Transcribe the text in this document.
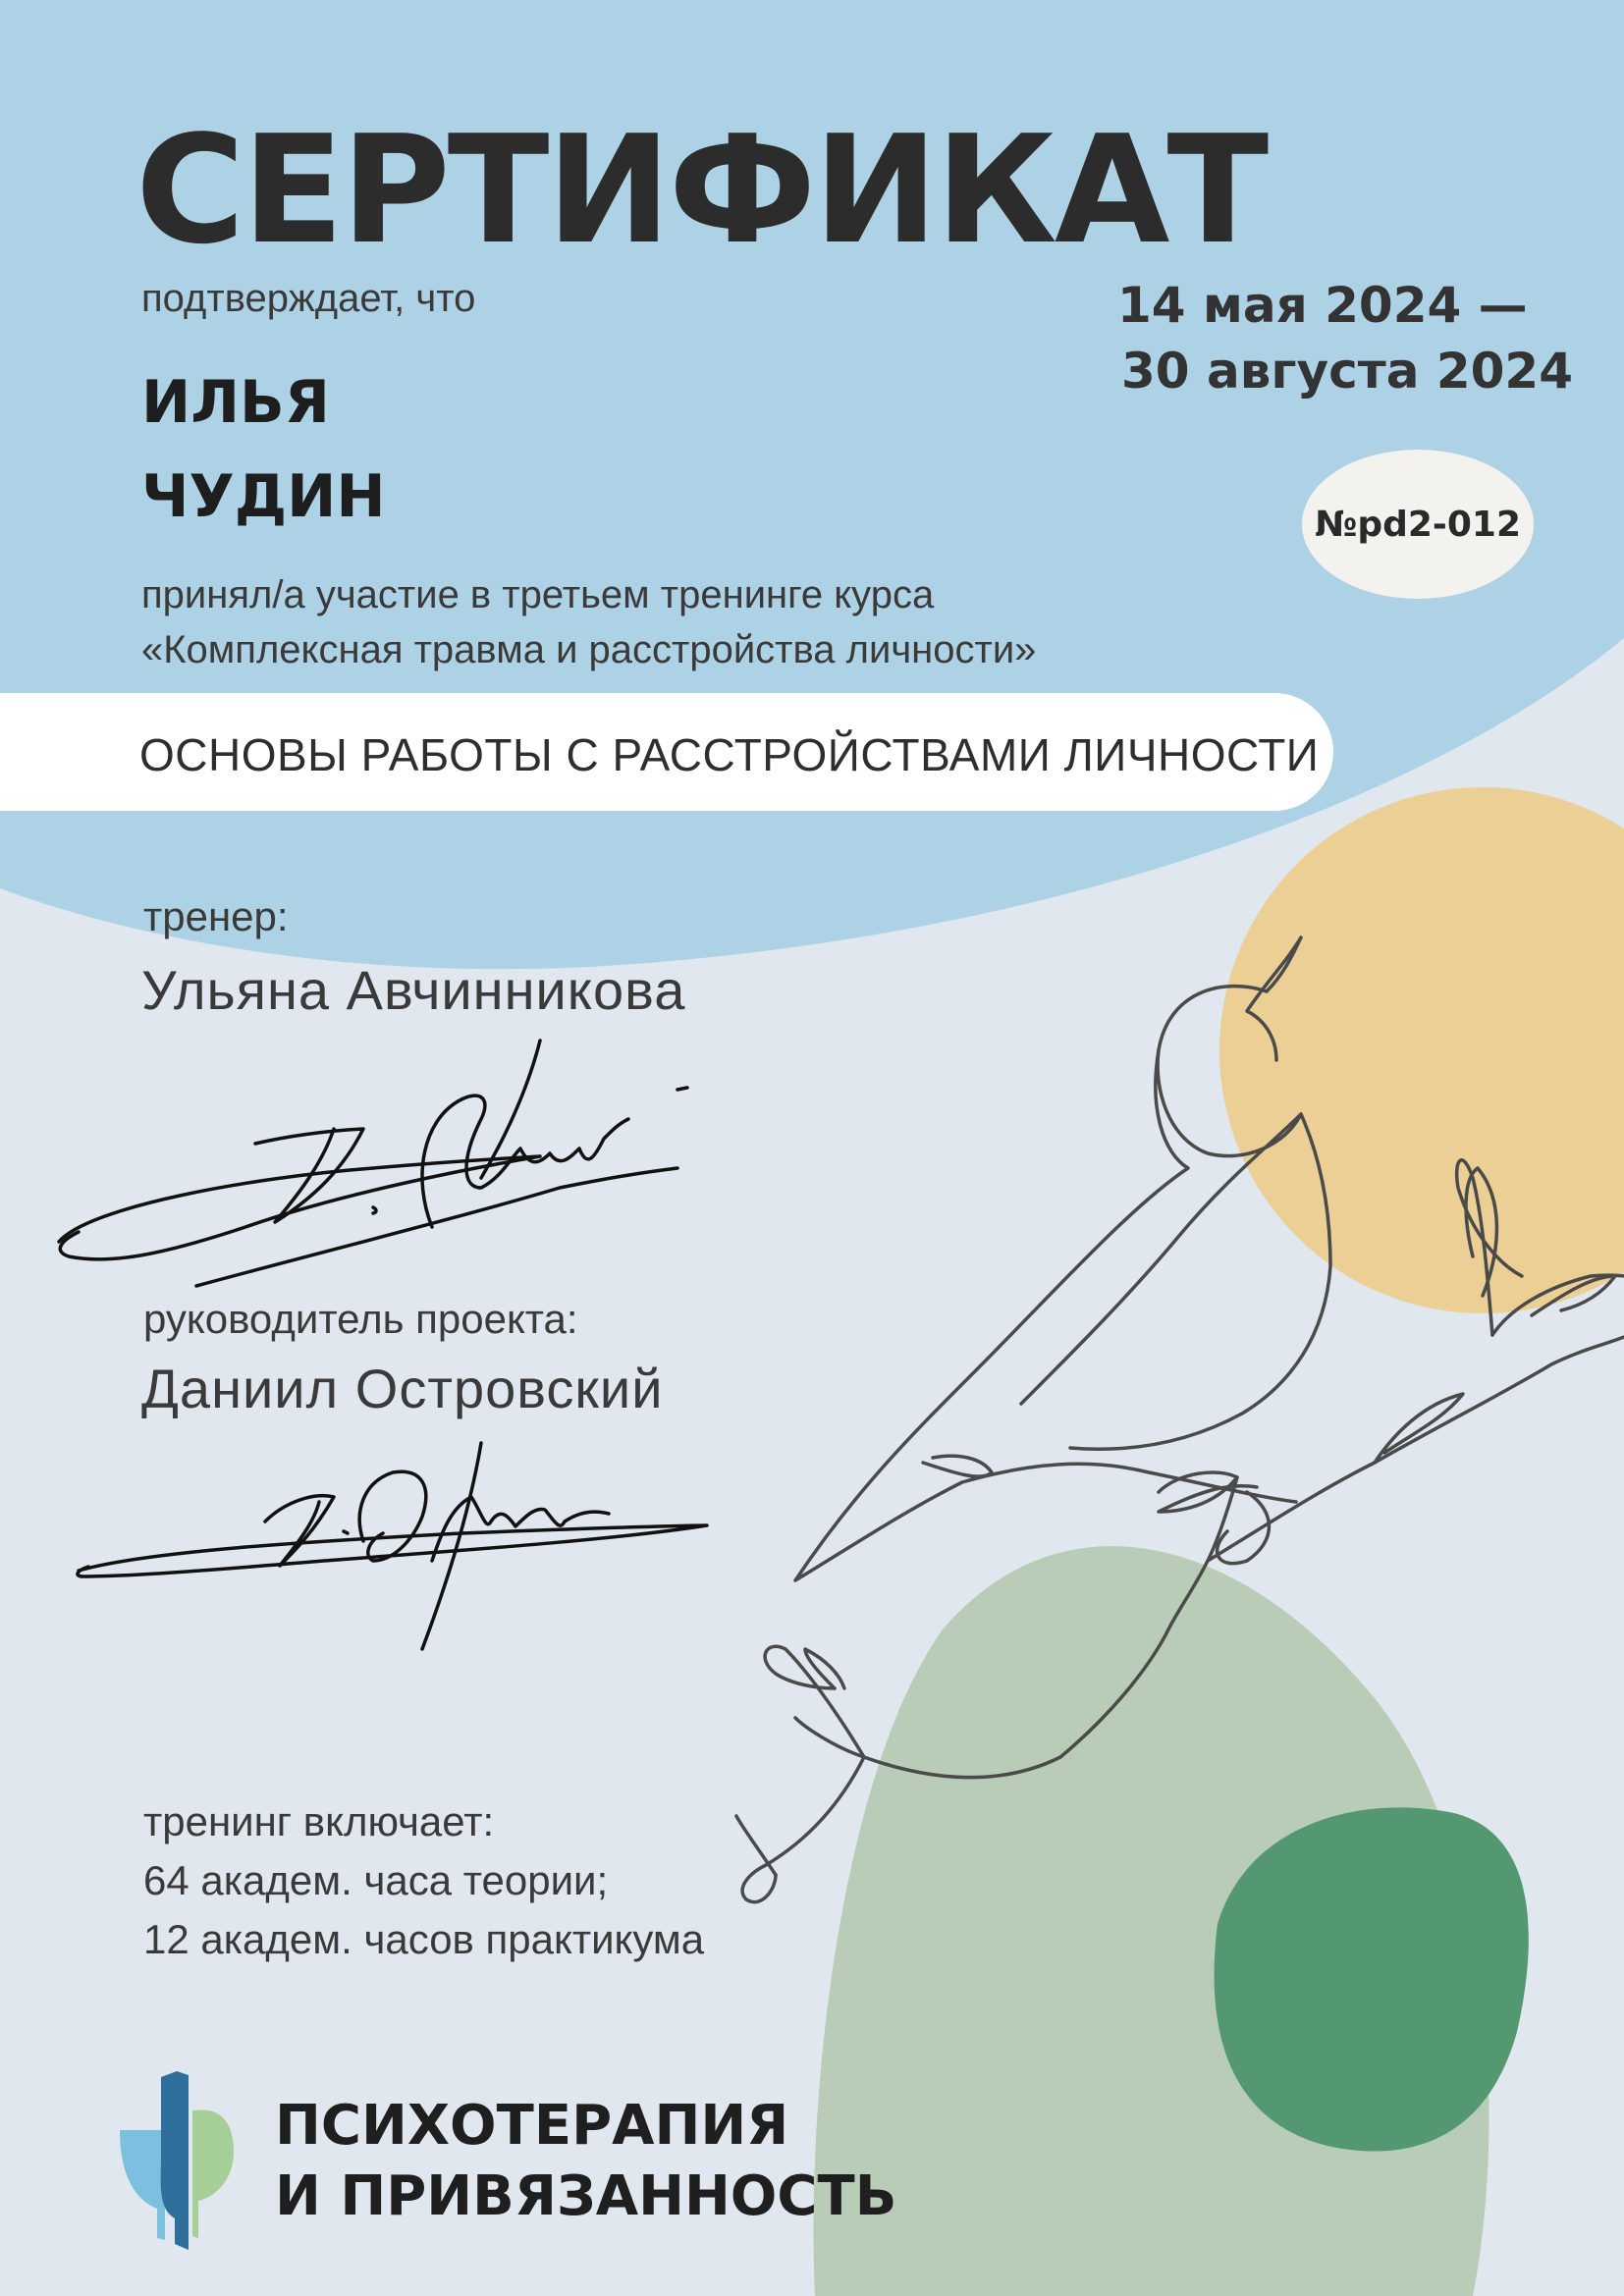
СЕРТИФИКАТ
подтверждает, что	14 мая 2024 —
30 августа 2024
ИЛЬЯ
ЧУДИН	№pd2-012
принял/а участие в третьем тренинге курса
«Комплексная травма и расстройства личности»
ОСНОВЫ РАБОТЫ С РАССТРОЙСТВАМИ ЛИЧНОСТИ
тренер:
Ульяна Авчинникова
руководитель проекта:
Даниил Островский
тренинг включает:
64 академ. часа теории;
12 академ. часов практикума
ПСИХОТЕРАПИЯ
И ПРИВЯЗАННОСТЬ
